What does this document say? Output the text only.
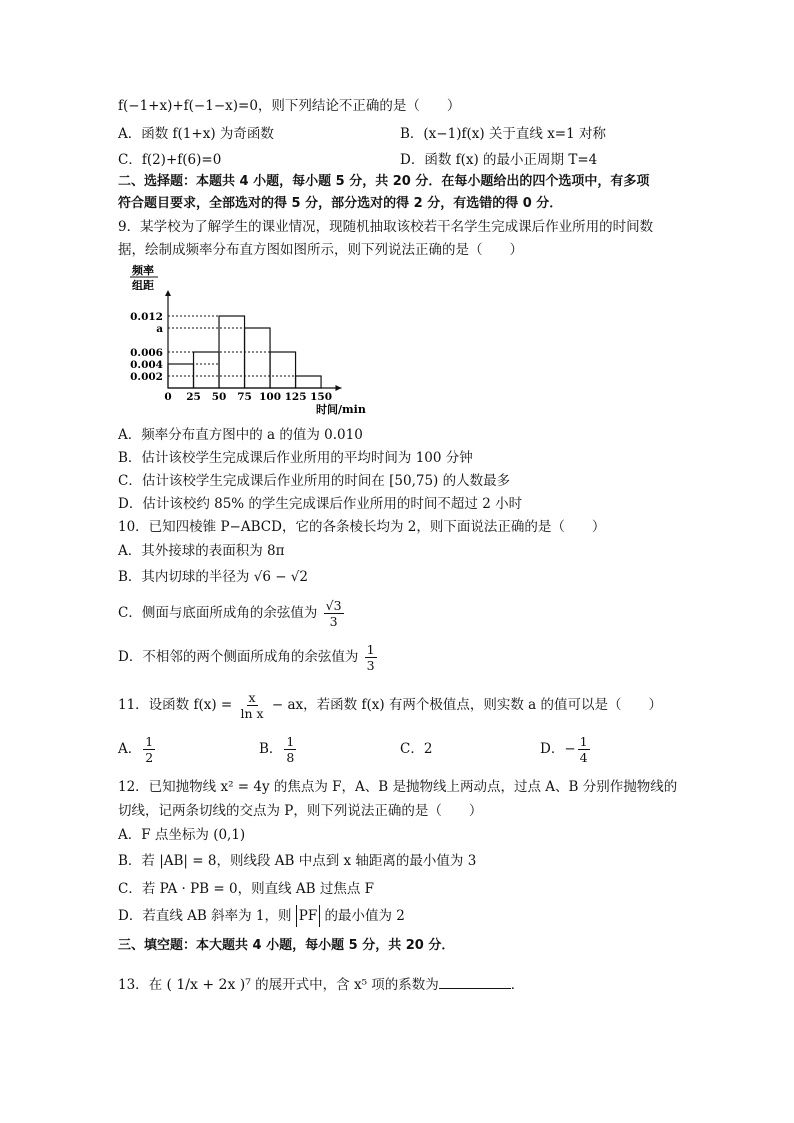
f(−1+x)+f(−1−x)=0，则下列结论不正确的是（　　）
A．函数 f(1+x) 为奇函数	B．(x−1)f(x) 关于直线 x=1 对称
C．f(2)+f(6)=0	D．函数 f(x) 的最小正周期 T=4
二、选择题：本题共 4 小题，每小题 5 分，共 20 分．在每小题给出的四个选项中，有多项
符合题目要求，全部选对的得 5 分，部分选对的得 2 分，有选错的得 0 分．
9．某学校为了解学生的课业情况，现随机抽取该校若干名学生完成课后作业所用的时间数
据，绘制成频率分布直方图如图所示，则下列说法正确的是（　　）
频率
组距
时间/min
0 25 50 75 100 125 150
0.002
0.004
0.006
a
0.012
A．频率分布直方图中的 a 的值为 0.010
B．估计该校学生完成课后作业所用的平均时间为 100 分钟
C．估计该校学生完成课后作业所用的时间在 [50,75) 的人数最多
D．估计该校约 85% 的学生完成课后作业所用的时间不超过 2 小时
10．已知四棱锥 P−ABCD，它的各条棱长均为 2，则下面说法正确的是（　　）
A．其外接球的表面积为 8π
B．其内切球的半径为 √6 − √2
C．侧面与底面所成角的余弦值为 $\frac{√3}{3}$
D．不相邻的两个侧面所成角的余弦值为 $\frac{1}{3}$
11．设函数 $f(x) = \frac{x}{\text{ln x}}$ − ax，若函数 f(x) 有两个极值点，则实数 a 的值可以是（　　）
A． $\frac{1}{2}$	B． $\frac{1}{8}$	C．2	D．− $\frac{1}{4}$
12．已知抛物线 x² = 4y 的焦点为 F，A、B 是抛物线上两动点，过点 A、B 分别作抛物线的
切线，记两条切线的交点为 P，则下列说法正确的是（　　）
A．F 点坐标为 (0,1)
B．若 |AB| = 8，则线段 AB 中点到 x 轴距离的最小值为 3
C．若 PA · PB = 0，则直线 AB 过焦点 F
D．若直线 AB 斜率为 1，则 PF 的最小值为 2
三、填空题：本大题共 4 小题，每小题 5 分，共 20 分．
13．在 ( 1/x + 2x )⁷ 的展开式中，含 x⁵ 项的系数为	．
